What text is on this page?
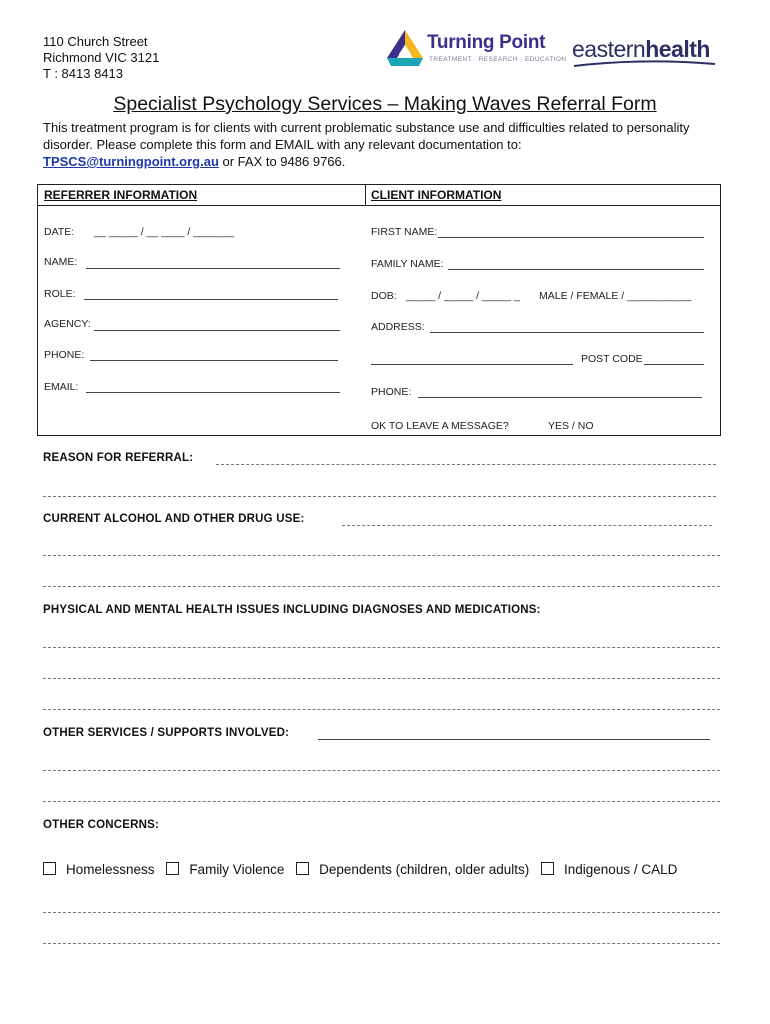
110 Church Street
Richmond VIC 3121
T : 8413 8413
Turning Point
TREATMENT · RESEARCH · EDUCATION easternhealth
Specialist Psychology Services – Making Waves Referral Form
This treatment program is for clients with current problematic substance use and difficulties related to personality disorder. Please complete this form and EMAIL with any relevant documentation to:
TPSCS@turningpoint.org.au or FAX to 9486 9766.
REFERRER INFORMATION	CLIENT INFORMATION
DATE: __ _____ / __ ____ / _______
NAME:
ROLE:
AGENCY:
PHONE:
EMAIL:
FIRST NAME:
FAMILY NAME:
DOB: _____ / _____ / _____ _ MALE / FEMALE / ___________
ADDRESS:
POST CODE
PHONE:
OK TO LEAVE A MESSAGE?	YES / NO
REASON FOR REFERRAL:
CURRENT ALCOHOL AND OTHER DRUG USE:
PHYSICAL AND MENTAL HEALTH ISSUES INCLUDING DIAGNOSES AND MEDICATIONS:
OTHER SERVICES / SUPPORTS INVOLVED:
OTHER CONCERNS:
Homelessness	Family Violence	Dependents (children, older adults)	Indigenous / CALD
